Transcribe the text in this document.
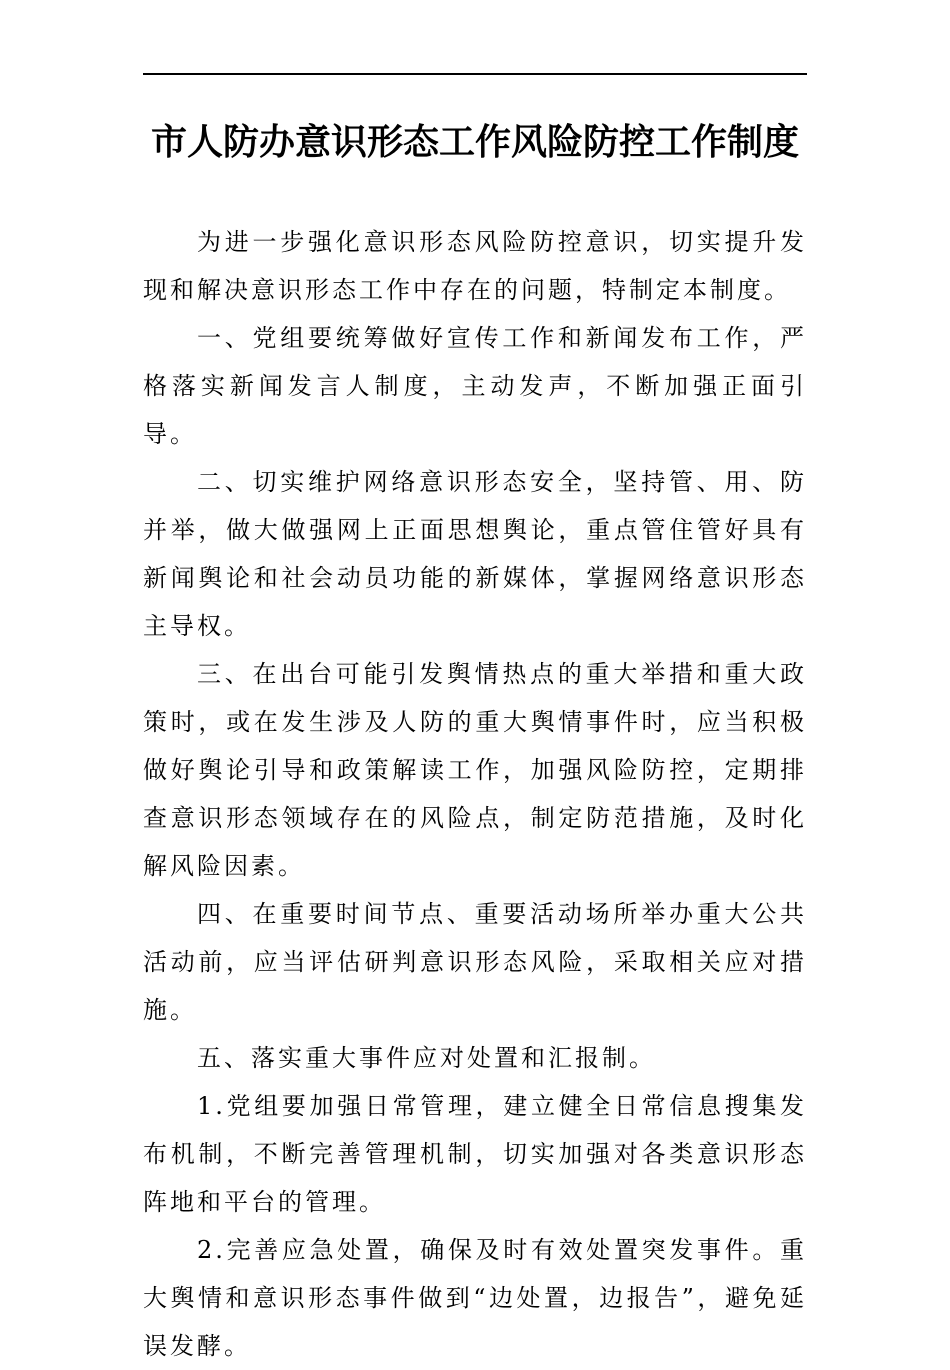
市人防办意识形态工作风险防控工作制度

为进一步强化意识形态风险防控意识，切实提升发现和解决意识形态工作中存在的问题，特制定本制度。

一、党组要统筹做好宣传工作和新闻发布工作，严格落实新闻发言人制度，主动发声，不断加强正面引导。

二、切实维护网络意识形态安全，坚持管、用、防并举，做大做强网上正面思想舆论，重点管住管好具有新闻舆论和社会动员功能的新媒体，掌握网络意识形态主导权。

三、在出台可能引发舆情热点的重大举措和重大政策时，或在发生涉及人防的重大舆情事件时，应当积极做好舆论引导和政策解读工作，加强风险防控，定期排查意识形态领域存在的风险点，制定防范措施，及时化解风险因素。

四、在重要时间节点、重要活动场所举办重大公共活动前，应当评估研判意识形态风险，采取相关应对措施。

五、落实重大事件应对处置和汇报制。

1.党组要加强日常管理，建立健全日常信息搜集发布机制，不断完善管理机制，切实加强对各类意识形态阵地和平台的管理。

2.完善应急处置，确保及时有效处置突发事件。重大舆情和意识形态事件做到“边处置，边报告”，避免延误发酵。
